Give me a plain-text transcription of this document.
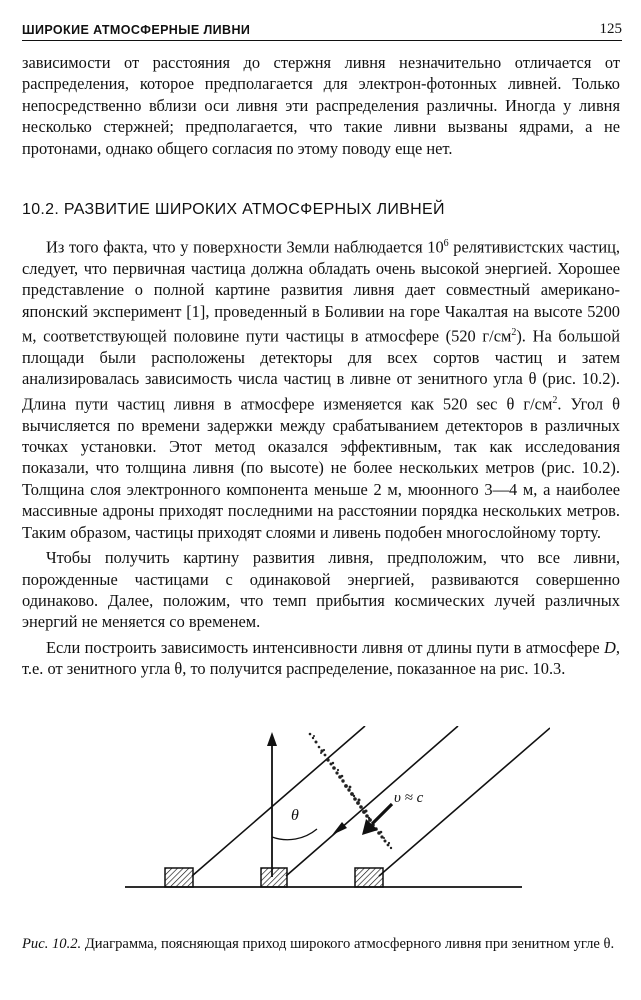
ШИРОКИЕ АТМОСФЕРНЫЕ ЛИВНИ	125

зависимости от расстояния до стержня ливня незначительно отличается от распределения, которое предполагается для электрон-фотонных ливней. Только непосредственно вблизи оси ливня эти распределения различны. Иногда у ливня несколько стержней; предполагается, что такие ливни вызваны ядрами, а не протонами, однако общего согласия по этому поводу еще нет.

10.2. РАЗВИТИЕ ШИРОКИХ АТМОСФЕРНЫХ ЛИВНЕЙ

Из того факта, что у поверхности Земли наблюдается $10^6$ релятивистских частиц, следует, что первичная частица должна обладать очень высокой энергией. Хорошее представление о полной картине развития ливня дает совместный американо-японский эксперимент [1], проведенный в Боливии на горе Чакалтая на высоте 5200 м, соответствующей половине пути частицы в атмосфере (520 $г/см^2$). На большой площади были расположены детекторы для всех сортов частиц и затем анализировалась зависимость числа частиц в ливне от зенитного угла θ (рис. 10.2). Длина пути частиц ливня в атмосфере изменяется как 520 sec θ $г/см^2$. Угол θ вычисляется по времени задержки между срабатыванием детекторов в различных точках установки. Этот метод оказался эффективным, так как исследования показали, что толщина ливня (по высоте) не более нескольких метров (рис. 10.2). Толщина слоя электронного компонента меньше 2 м, мюонного 3—4 м, а наиболее массивные адроны приходят последними на расстоянии порядка нескольких метров. Таким образом, частицы приходят слоями и ливень подобен многослойному торту.

Чтобы получить картину развития ливня, предположим, что все ливни, порожденные частицами с одинаковой энергией, развиваются совершенно одинаково. Далее, положим, что темп прибытия космических лучей различных энергий не меняется со временем.

Если построить зависимость интенсивности ливня от длины пути в атмосфере D, т.е. от зенитного угла θ, то получится распределение, показанное на рис. 10.3.

θ
υ ≈ c
Рис. 10.2. Диаграмма, поясняющая приход широкого атмосферного ливня при зенитном угле θ.
